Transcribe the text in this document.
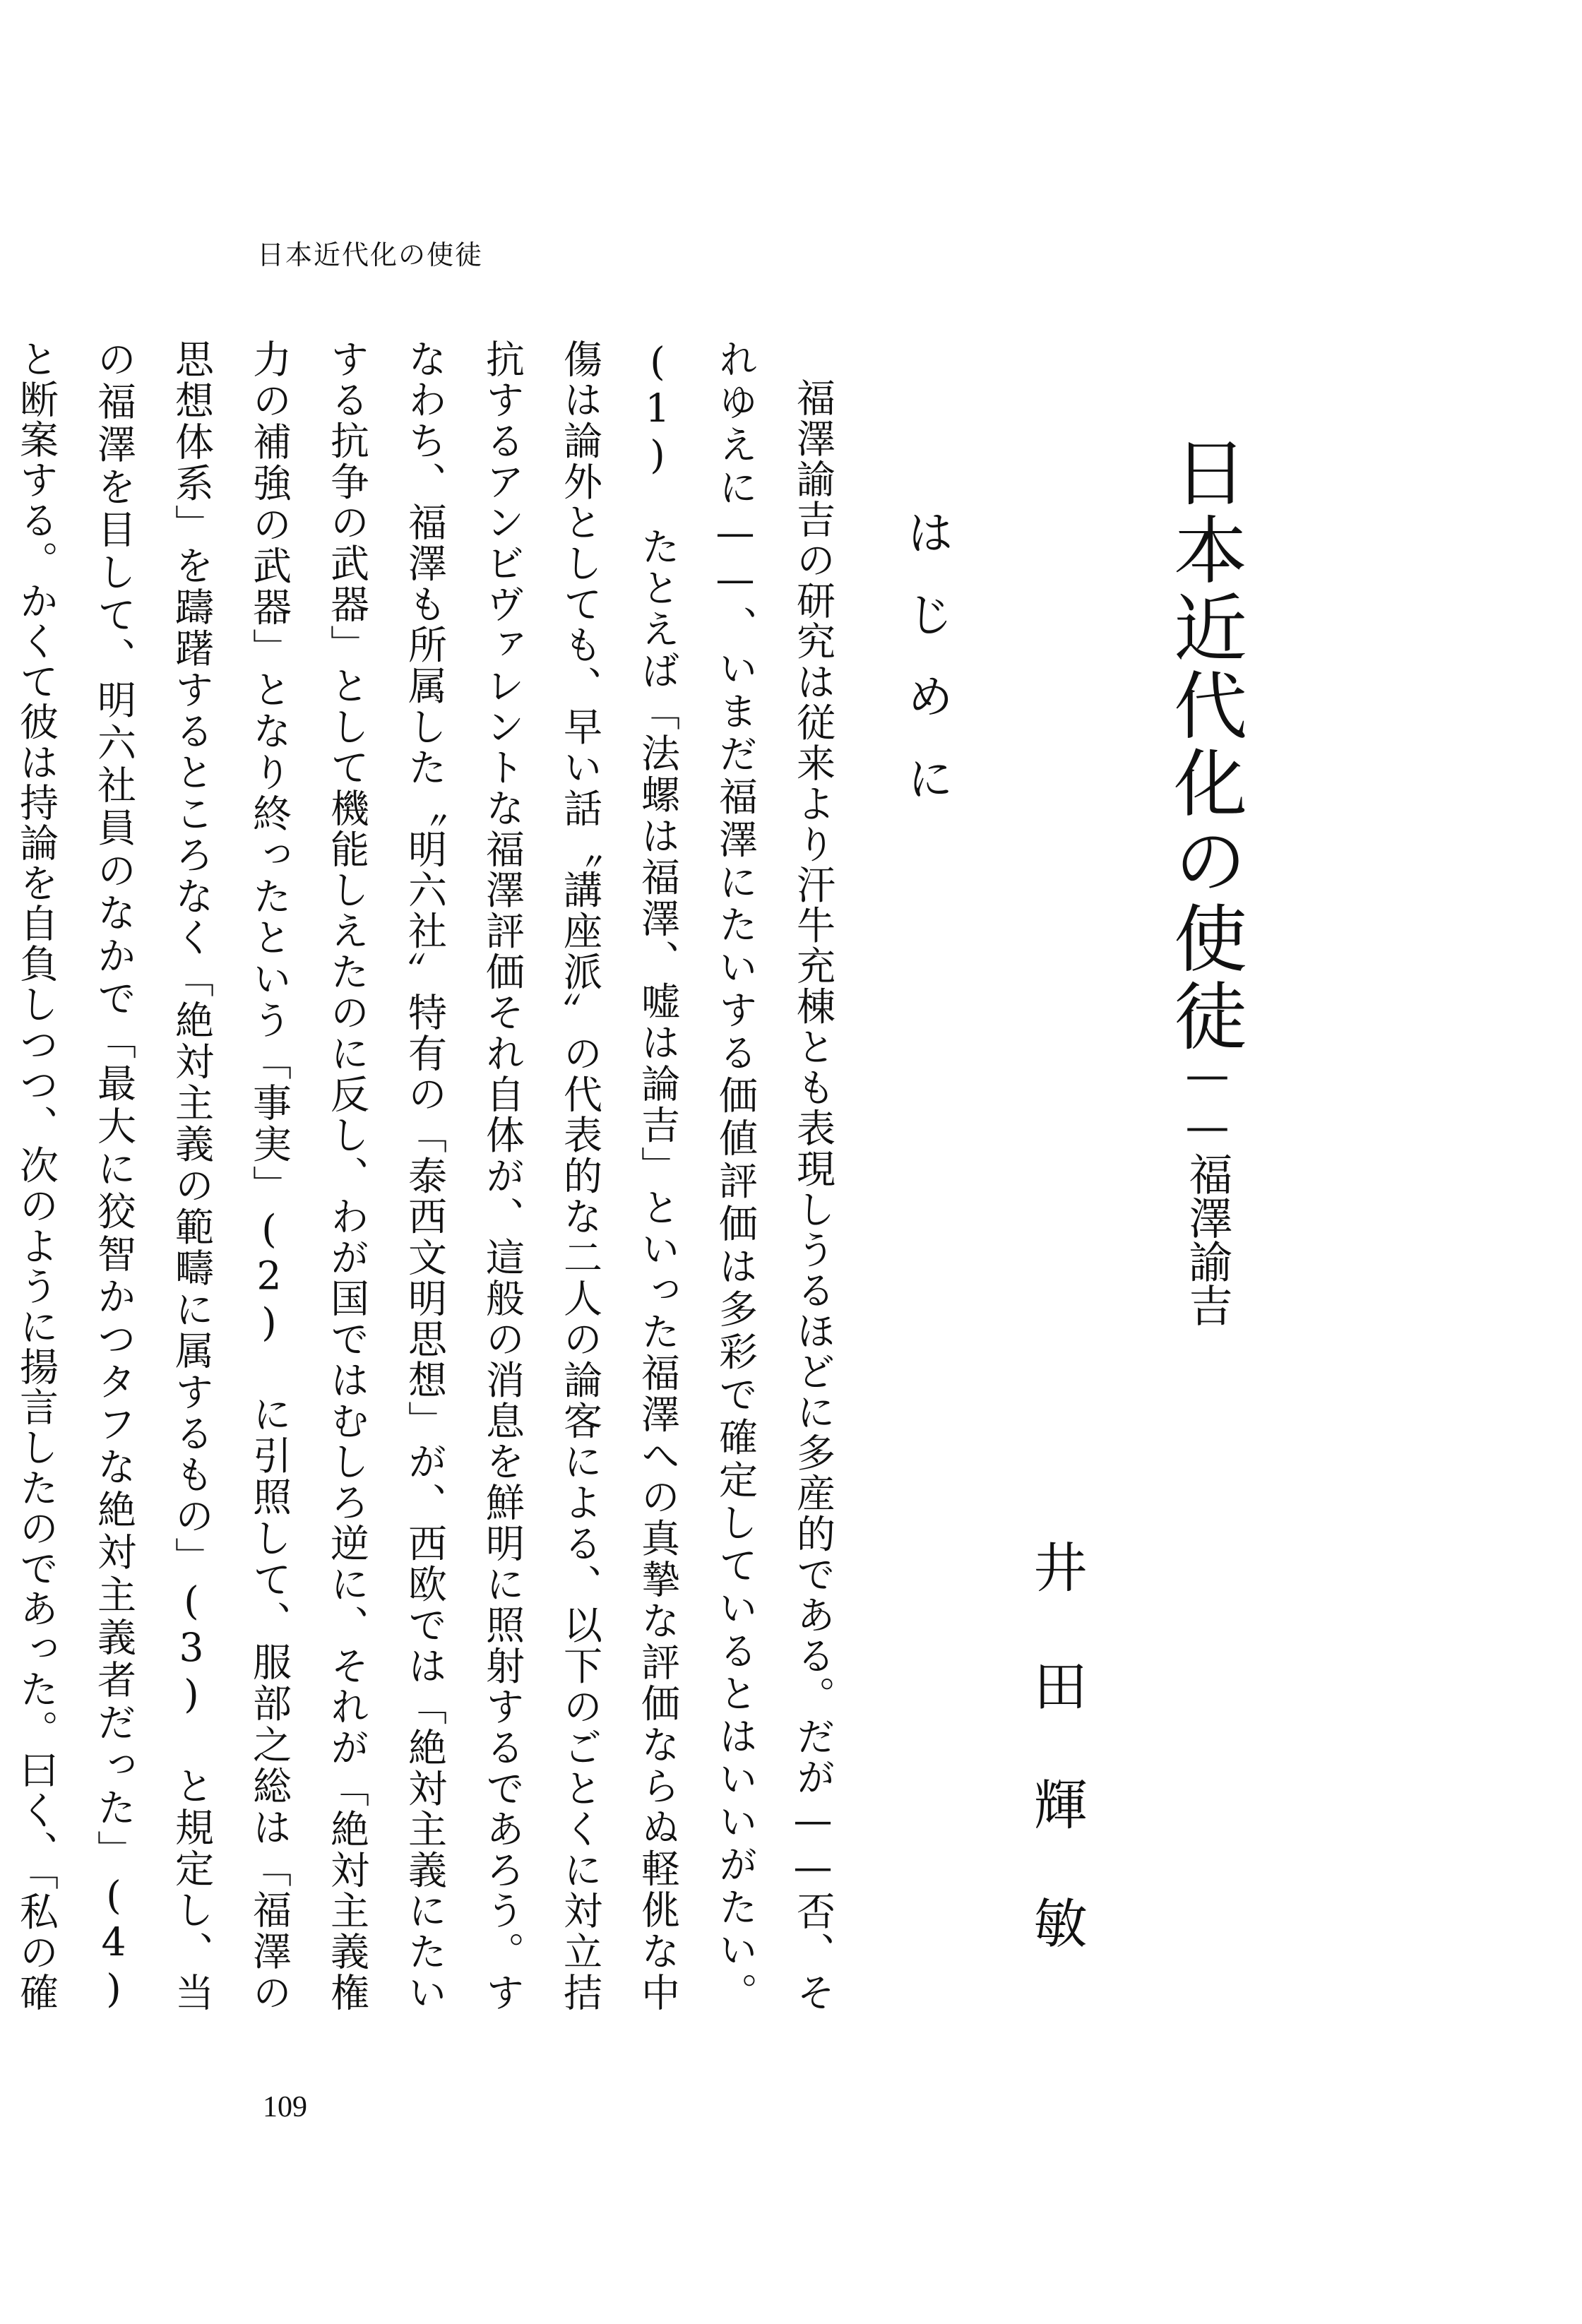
日本近代化の使徒
日本近代化の使徒
——福澤諭吉
井田輝敏
はじめに
福澤諭吉の研究は従来より汗牛充棟とも表現しうるほどに多産的である。だが——否、それゆえに——、いまだ福澤にたいする価値評価は多彩で確定しているとはいいがたい。(1) たとえば「法螺は福澤、嘘は論吉」といった福澤への真摯な評価ならぬ軽佻な中傷は論外としても、早い話〝講座派〟の代表的な二人の論客による、以下のごとくに対立拮抗するアンビヴァレントな福澤評価それ自体が、這般の消息を鮮明に照射するであろう。すなわち、福澤も所属した〝明六社〟特有の「泰西文明思想」が、西欧では「絶対主義にたいする抗争の武器」として機能しえたのに反し、わが国ではむしろ逆に、それが「絶対主義権力の補強の武器」となり終ったという「事実」(2) に引照して、服部之総は「福澤の思想体系」を躊躇するところなく「絶対主義の範疇に属するもの」(3) と規定し、当の福澤を目して、明六社員のなかで「最大に狡智かつタフな絶対主義者だった」(4) と断案する。かくて彼は持論を自負しつつ、次のように揚言したのであった。曰く、「私の確
109
